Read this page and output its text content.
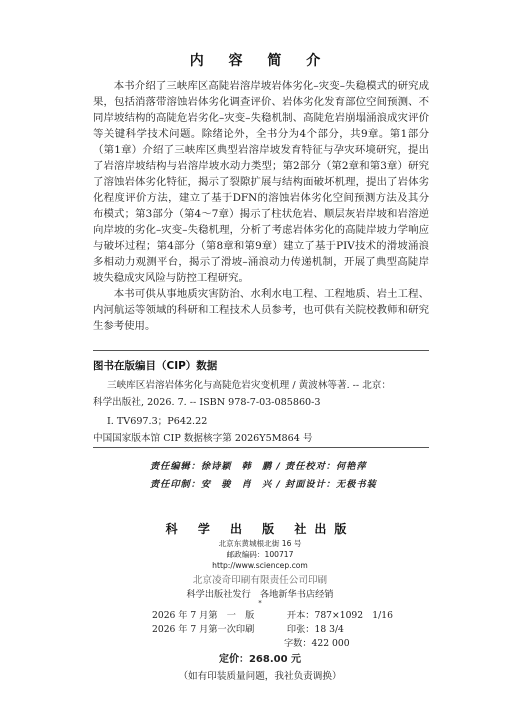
内 容 简 介

本书介绍了三峡库区高陡岩溶岸坡岩体劣化–灾变–失稳模式的研究成果，包括消落带溶蚀岩体劣化调查评价、岩体劣化发育部位空间预测、不同岸坡结构的高陡危岩劣化–灾变–失稳机制、高陡危岩崩塌涌浪成灾评价等关键科学技术问题。除绪论外，全书分为4个部分，共9章。第1部分（第1章）介绍了三峡库区典型岩溶岸坡发育特征与孕灾环境研究，提出了岩溶岸坡结构与岩溶岸坡水动力类型；第2部分（第2章和第3章）研究了溶蚀岩体劣化特征，揭示了裂隙扩展与结构面破坏机理，提出了岩体劣化程度评价方法，建立了基于DFN的溶蚀岩体劣化空间预测方法及其分布模式；第3部分（第4～7章）揭示了柱状危岩、顺层灰岩岸坡和岩溶逆向岸坡的劣化–灾变–失稳机理，分析了考虑岩体劣化的高陡岸坡力学响应与破坏过程；第4部分（第8章和第9章）建立了基于PIV技术的滑坡涌浪多相动力观测平台，揭示了滑坡–涌浪动力传递机制，开展了典型高陡岸坡失稳成灾风险与防控工程研究。

本书可供从事地质灾害防治、水利水电工程、工程地质、岩土工程、内河航运等领域的科研和工程技术人员参考，也可供有关院校教师和研究生参考使用。

图书在版编目（CIP）数据
三峡库区岩溶岩体劣化与高陡危岩灾变机理 / 黄波林等著. -- 北京：
科学出版社, 2026. 7. -- ISBN 978-7-03-085860-3
Ⅰ. TV697.3；P642.22
中国国家版本馆 CIP 数据核字第 2026Y5M864 号
责任编辑：徐诗颖　韩　鹏 / 责任校对：何艳萍
责任印制：安　骏　肖　兴 / 封面设计：无极书装
科 学 出 版 社出版
北京东黄城根北街 16 号
邮政编码：100717
http://www.sciencep.com
北京凌奇印刷有限责任公司印刷
科学出版社发行　各地新华书店经销
*
2026 年 7 月第　一　版	开本：787×1092　1/16
2026 年 7 月第一次印刷	印张：18 3/4
字数：422 000
定价：268.00 元
（如有印装质量问题，我社负责调换）
